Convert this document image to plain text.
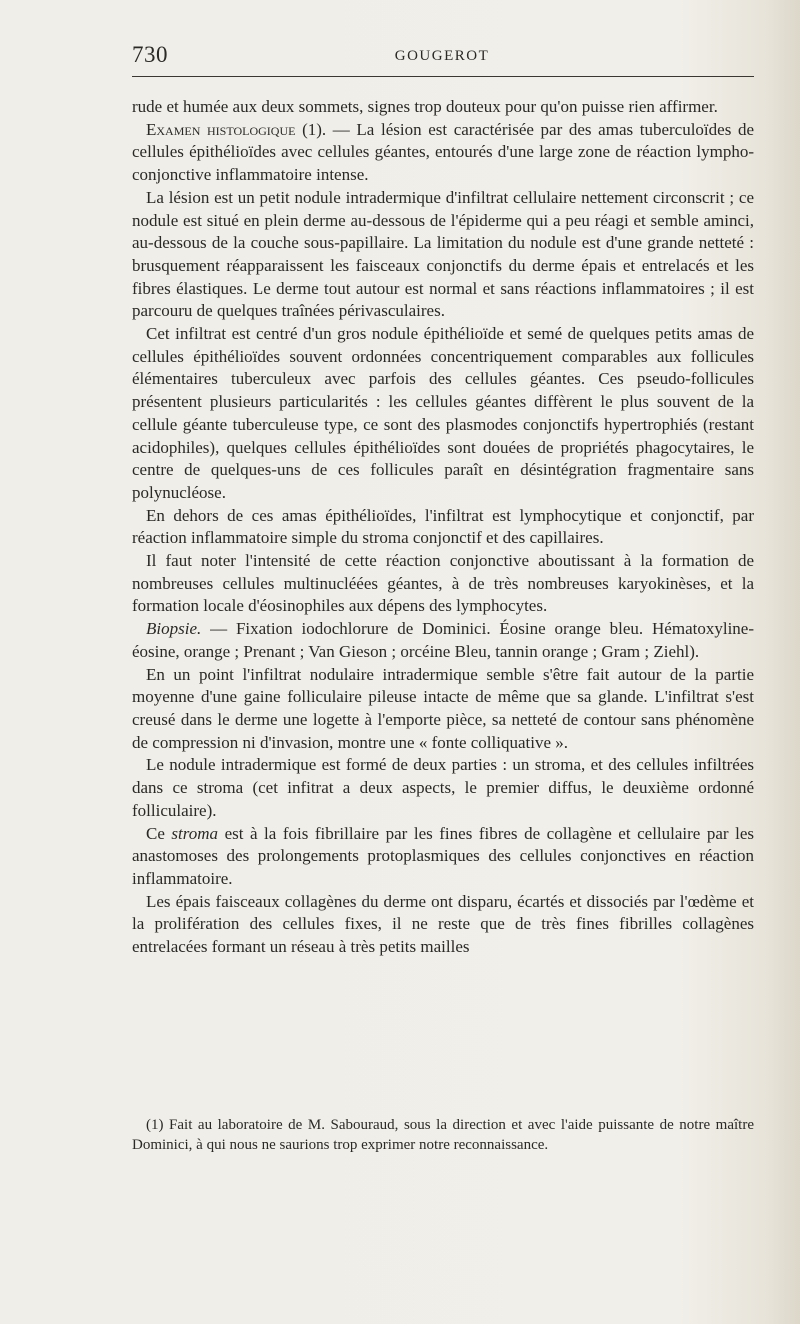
730	GOUGEROT

rude et humée aux deux sommets, signes trop douteux pour qu'on puisse rien affirmer.

Examen histologique (1). — La lésion est caractérisée par des amas tuberculoïdes de cellules épithélioïdes avec cellules géantes, entourés d'une large zone de réaction lympho-conjonctive inflammatoire intense.

La lésion est un petit nodule intradermique d'infiltrat cellulaire nettement circonscrit ; ce nodule est situé en plein derme au-dessous de l'épiderme qui a peu réagi et semble aminci, au-dessous de la couche sous-papillaire. La limitation du nodule est d'une grande netteté : brusquement réapparaissent les faisceaux conjonctifs du derme épais et entrelacés et les fibres élastiques. Le derme tout autour est normal et sans réactions inflammatoires ; il est parcouru de quelques traînées périvasculaires.

Cet infiltrat est centré d'un gros nodule épithélioïde et semé de quelques petits amas de cellules épithélioïdes souvent ordonnées concentriquement comparables aux follicules élémentaires tuberculeux avec parfois des cellules géantes. Ces pseudo-follicules présentent plusieurs particularités : les cellules géantes diffèrent le plus souvent de la cellule géante tuberculeuse type, ce sont des plasmodes conjonctifs hypertrophiés (restant acidophiles), quelques cellules épithélioïdes sont douées de propriétés phagocytaires, le centre de quelques-uns de ces follicules paraît en désintégration fragmentaire sans polynucléose.

En dehors de ces amas épithélioïdes, l'infiltrat est lymphocytique et conjonctif, par réaction inflammatoire simple du stroma conjonctif et des capillaires.

Il faut noter l'intensité de cette réaction conjonctive aboutissant à la formation de nombreuses cellules multinucléées géantes, à de très nombreuses karyokinèses, et la formation locale d'éosinophiles aux dépens des lymphocytes.

Biopsie. — Fixation iodochlorure de Dominici. Éosine orange bleu. Hématoxyline-éosine, orange ; Prenant ; Van Gieson ; orcéine Bleu, tannin orange ; Gram ; Ziehl).

En un point l'infiltrat nodulaire intradermique semble s'être fait autour de la partie moyenne d'une gaine folliculaire pileuse intacte de même que sa glande. L'infiltrat s'est creusé dans le derme une logette à l'emporte pièce, sa netteté de contour sans phénomène de compression ni d'invasion, montre une « fonte colliquative ».

Le nodule intradermique est formé de deux parties : un stroma, et des cellules infiltrées dans ce stroma (cet infitrat a deux aspects, le premier diffus, le deuxième ordonné folliculaire).

Ce stroma est à la fois fibrillaire par les fines fibres de collagène et cellulaire par les anastomoses des prolongements protoplasmiques des cellules conjonctives en réaction inflammatoire.

Les épais faisceaux collagènes du derme ont disparu, écartés et dissociés par l'œdème et la prolifération des cellules fixes, il ne reste que de très fines fibrilles collagènes entrelacées formant un réseau à très petits mailles

(1) Fait au laboratoire de M. Sabouraud, sous la direction et avec l'aide puissante de notre maître Dominici, à qui nous ne saurions trop exprimer notre reconnaissance.
